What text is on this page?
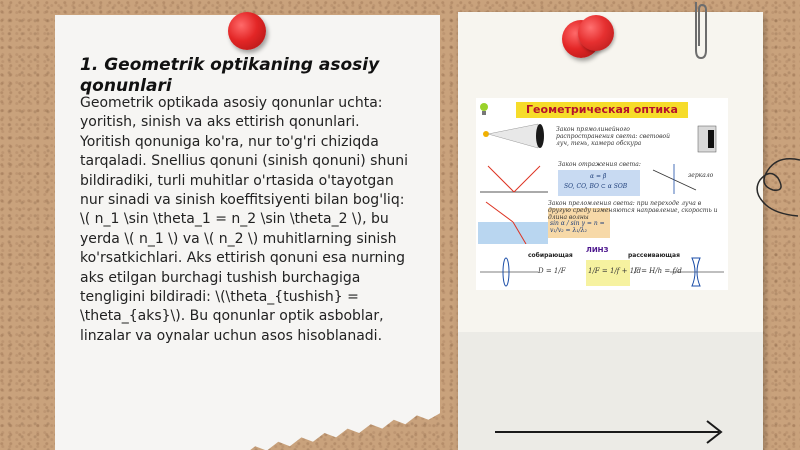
1. Geometrik optikaning asosiy qonunlari
Geometrik optikada asosiy qonunlar uchta: yoritish, sinish va aks ettirish qonunlari. Yoritish qonuniga ko'ra, nur to'g'ri chiziqda tarqaladi. Snellius qonuni (sinish qonuni) shuni bildiradiki, turli muhitlar o'rtasida o'tayotgan nur sinadi va sinish koeffitsiyenti bilan bog'liq: \( n_1 \sin \theta_1 = n_2 \sin \theta_2 \), bu yerda \( n_1 \) va \( n_2 \) muhitlarning sinish ko'rsatkichlari. Aks ettirish qonuni esa nurning aks etilgan burchagi tushish burchagiga tengligini bildiradi: \(\theta_{tushish} = \theta_{aks}\). Bu qonunlar optik asboblar, linzalar va oynalar uchun asos hisoblanadi.
Геометрическая оптика
Закон прямолинейного распространения света: световой луч, тень, камера обскура
Закон отражения света:
α = β
SO, CO, BO ⊂ α SOB
зеркало
Закон преломления света: при переходе луча в другую среду изменяются направление, скорость и длина волны
sin α / sin γ = n = v₁/v₂ = λ₁/λ₂
ЛИНЗ
собирающая	рассеивающая
D = 1/F	1/F = 1/f + 1/d
Γ = H/h = f/d
